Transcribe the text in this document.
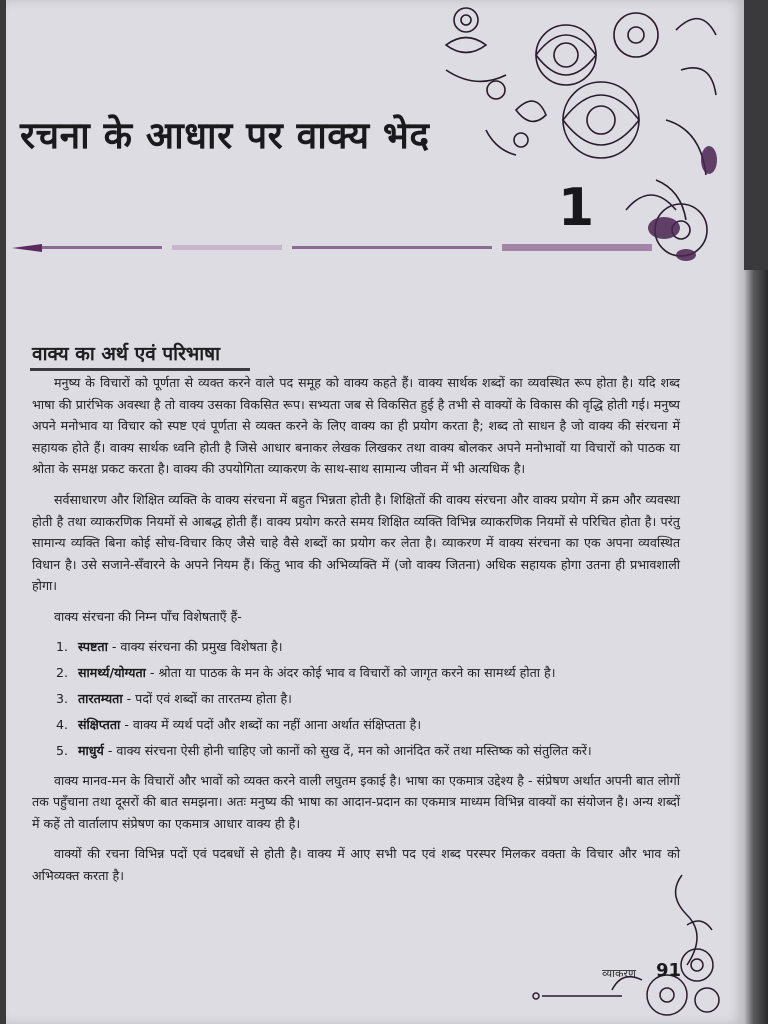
रचना के आधार पर वाक्य भेद
1
वाक्य का अर्थ एवं परिभाषा

मनुष्य के विचारों को पूर्णता से व्यक्त करने वाले पद समूह को वाक्य कहते हैं। वाक्य सार्थक शब्दों का व्यवस्थित रूप होता है। यदि शब्द भाषा की प्रारंभिक अवस्था है तो वाक्य उसका विकसित रूप। सभ्यता जब से विकसित हुई है तभी से वाक्यों के विकास की वृद्धि होती गई। मनुष्य अपने मनोभाव या विचार को स्पष्ट एवं पूर्णता से व्यक्त करने के लिए वाक्य का ही प्रयोग करता है; शब्द तो साधन है जो वाक्य की संरचना में सहायक होते हैं। वाक्य सार्थक ध्वनि होती है जिसे आधार बनाकर लेखक लिखकर तथा वाक्य बोलकर अपने मनोभावों या विचारों को पाठक या श्रोता के समक्ष प्रकट करता है। वाक्य की उपयोगिता व्याकरण के साथ-साथ सामान्य जीवन में भी अत्यधिक है।

सर्वसाधारण और शिक्षित व्यक्ति के वाक्य संरचना में बहुत भिन्नता होती है। शिक्षितों की वाक्य संरचना और वाक्य प्रयोग में क्रम और व्यवस्था होती है तथा व्याकरणिक नियमों से आबद्ध होती हैं। वाक्य प्रयोग करते समय शिक्षित व्यक्ति विभिन्न व्याकरणिक नियमों से परिचित होता है। परंतु सामान्य व्यक्ति बिना कोई सोच-विचार किए जैसे चाहे वैसे शब्दों का प्रयोग कर लेता है। व्याकरण में वाक्य संरचना का एक अपना व्यवस्थित विधान है। उसे सजाने-सँवारने के अपने नियम हैं। किंतु भाव की अभिव्यक्ति में (जो वाक्य जितना) अधिक सहायक होगा उतना ही प्रभावशाली होगा।

वाक्य संरचना की निम्न पाँच विशेषताएँ हैं-

1. स्पष्टता - वाक्य संरचना की प्रमुख विशेषता है।
2. सामर्थ्य/योग्यता - श्रोता या पाठक के मन के अंदर कोई भाव व विचारों को जागृत करने का सामर्थ्य होता है।
3. तारतम्यता - पदों एवं शब्दों का तारतम्य होता है।
4. संक्षिप्तता - वाक्य में व्यर्थ पदों और शब्दों का नहीं आना अर्थात संक्षिप्तता है।
5. माधुर्य - वाक्य संरचना ऐसी होनी चाहिए जो कानों को सुख दें, मन को आनंदित करें तथा मस्तिष्क को संतुलित करें।

वाक्य मानव-मन के विचारों और भावों को व्यक्त करने वाली लघुतम इकाई है। भाषा का एकमात्र उद्देश्य है - संप्रेषण अर्थात अपनी बात लोगों तक पहुँचाना तथा दूसरों की बात समझना। अतः मनुष्य की भाषा का आदान-प्रदान का एकमात्र माध्यम विभिन्न वाक्यों का संयोजन है। अन्य शब्दों में कहें तो वार्तालाप संप्रेषण का एकमात्र आधार वाक्य ही है।

वाक्यों की रचना विभिन्न पदों एवं पदबधों से होती है। वाक्य में आए सभी पद एवं शब्द परस्पर मिलकर वक्ता के विचार और भाव को अभिव्यक्त करता है।

व्याकरण 91
